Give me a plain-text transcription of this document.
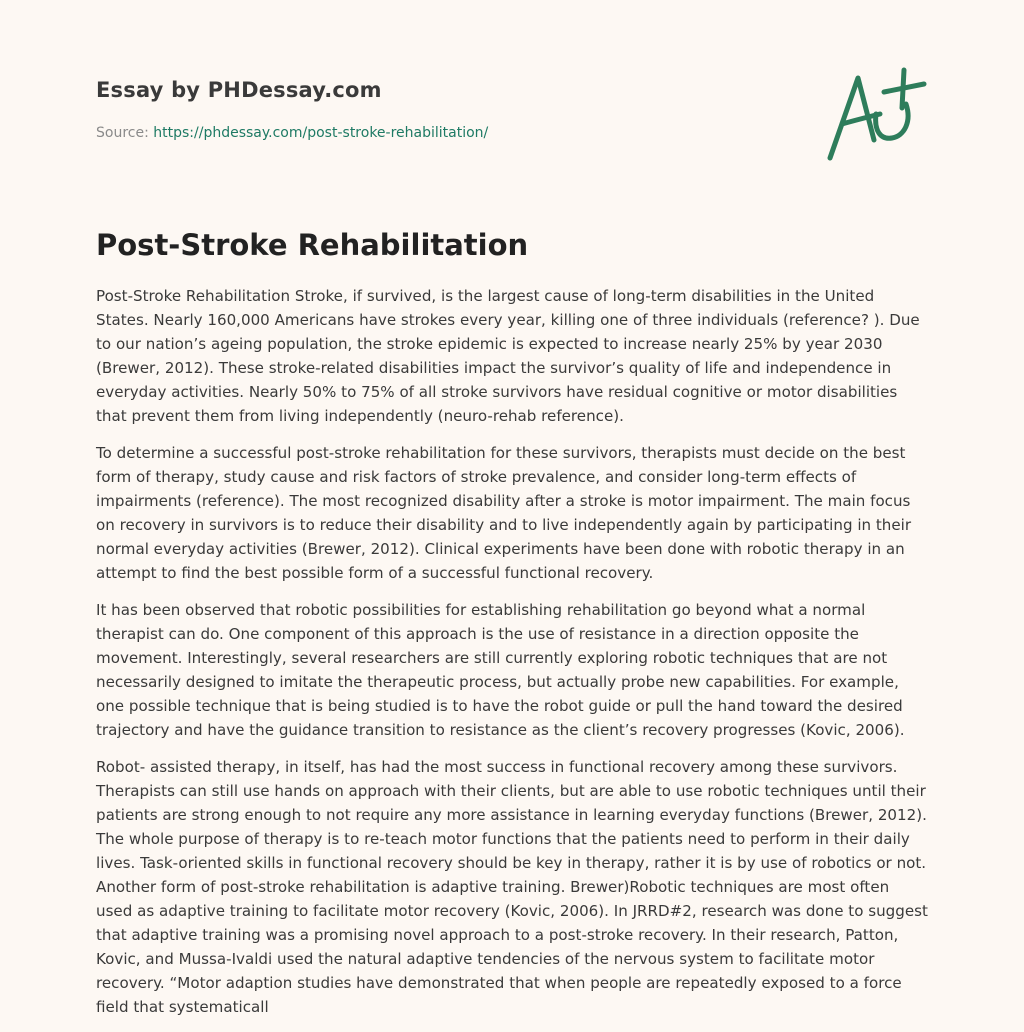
Essay by PHDessay.com
Source: https://phdessay.com/post-stroke-rehabilitation/
Post-Stroke Rehabilitation

Post-Stroke Rehabilitation Stroke, if survived, is the largest cause of long-term disabilities in the United States. Nearly 160,000 Americans have strokes every year, killing one of three individuals (reference? ). Due to our nation’s ageing population, the stroke epidemic is expected to increase nearly 25% by year 2030 (Brewer, 2012). These stroke-related disabilities impact the survivor’s quality of life and independence in everyday activities. Nearly 50% to 75% of all stroke survivors have residual cognitive or motor disabilities that prevent them from living independently (neuro-rehab reference).

To determine a successful post-stroke rehabilitation for these survivors, therapists must decide on the best form of therapy, study cause and risk factors of stroke prevalence, and consider long-term effects of impairments (reference). The most recognized disability after a stroke is motor impairment. The main focus on recovery in survivors is to reduce their disability and to live independently again by participating in their normal everyday activities (Brewer, 2012). Clinical experiments have been done with robotic therapy in an attempt to find the best possible form of a successful functional recovery.

It has been observed that robotic possibilities for establishing rehabilitation go beyond what a normal therapist can do. One component of this approach is the use of resistance in a direction opposite the movement. Interestingly, several researchers are still currently exploring robotic techniques that are not necessarily designed to imitate the therapeutic process, but actually probe new capabilities. For example, one possible technique that is being studied is to have the robot guide or pull the hand toward the desired trajectory and have the guidance transition to resistance as the client’s recovery progresses (Kovic, 2006).

Robot- assisted therapy, in itself, has had the most success in functional recovery among these survivors. Therapists can still use hands on approach with their clients, but are able to use robotic techniques until their patients are strong enough to not require any more assistance in learning everyday functions (Brewer, 2012). The whole purpose of therapy is to re-teach motor functions that the patients need to perform in their daily lives. Task-oriented skills in functional recovery should be key in therapy, rather it is by use of robotics or not. Another form of post-stroke rehabilitation is adaptive training. Brewer)Robotic techniques are most often used as adaptive training to facilitate motor recovery (Kovic, 2006). In JRRD#2, research was done to suggest that adaptive training was a promising novel approach to a post-stroke recovery. In their research, Patton, Kovic, and Mussa-Ivaldi used the natural adaptive tendencies of the nervous system to facilitate motor recovery. “Motor adaption studies have demonstrated that when people are repeatedly exposed to a force field that systematicall
